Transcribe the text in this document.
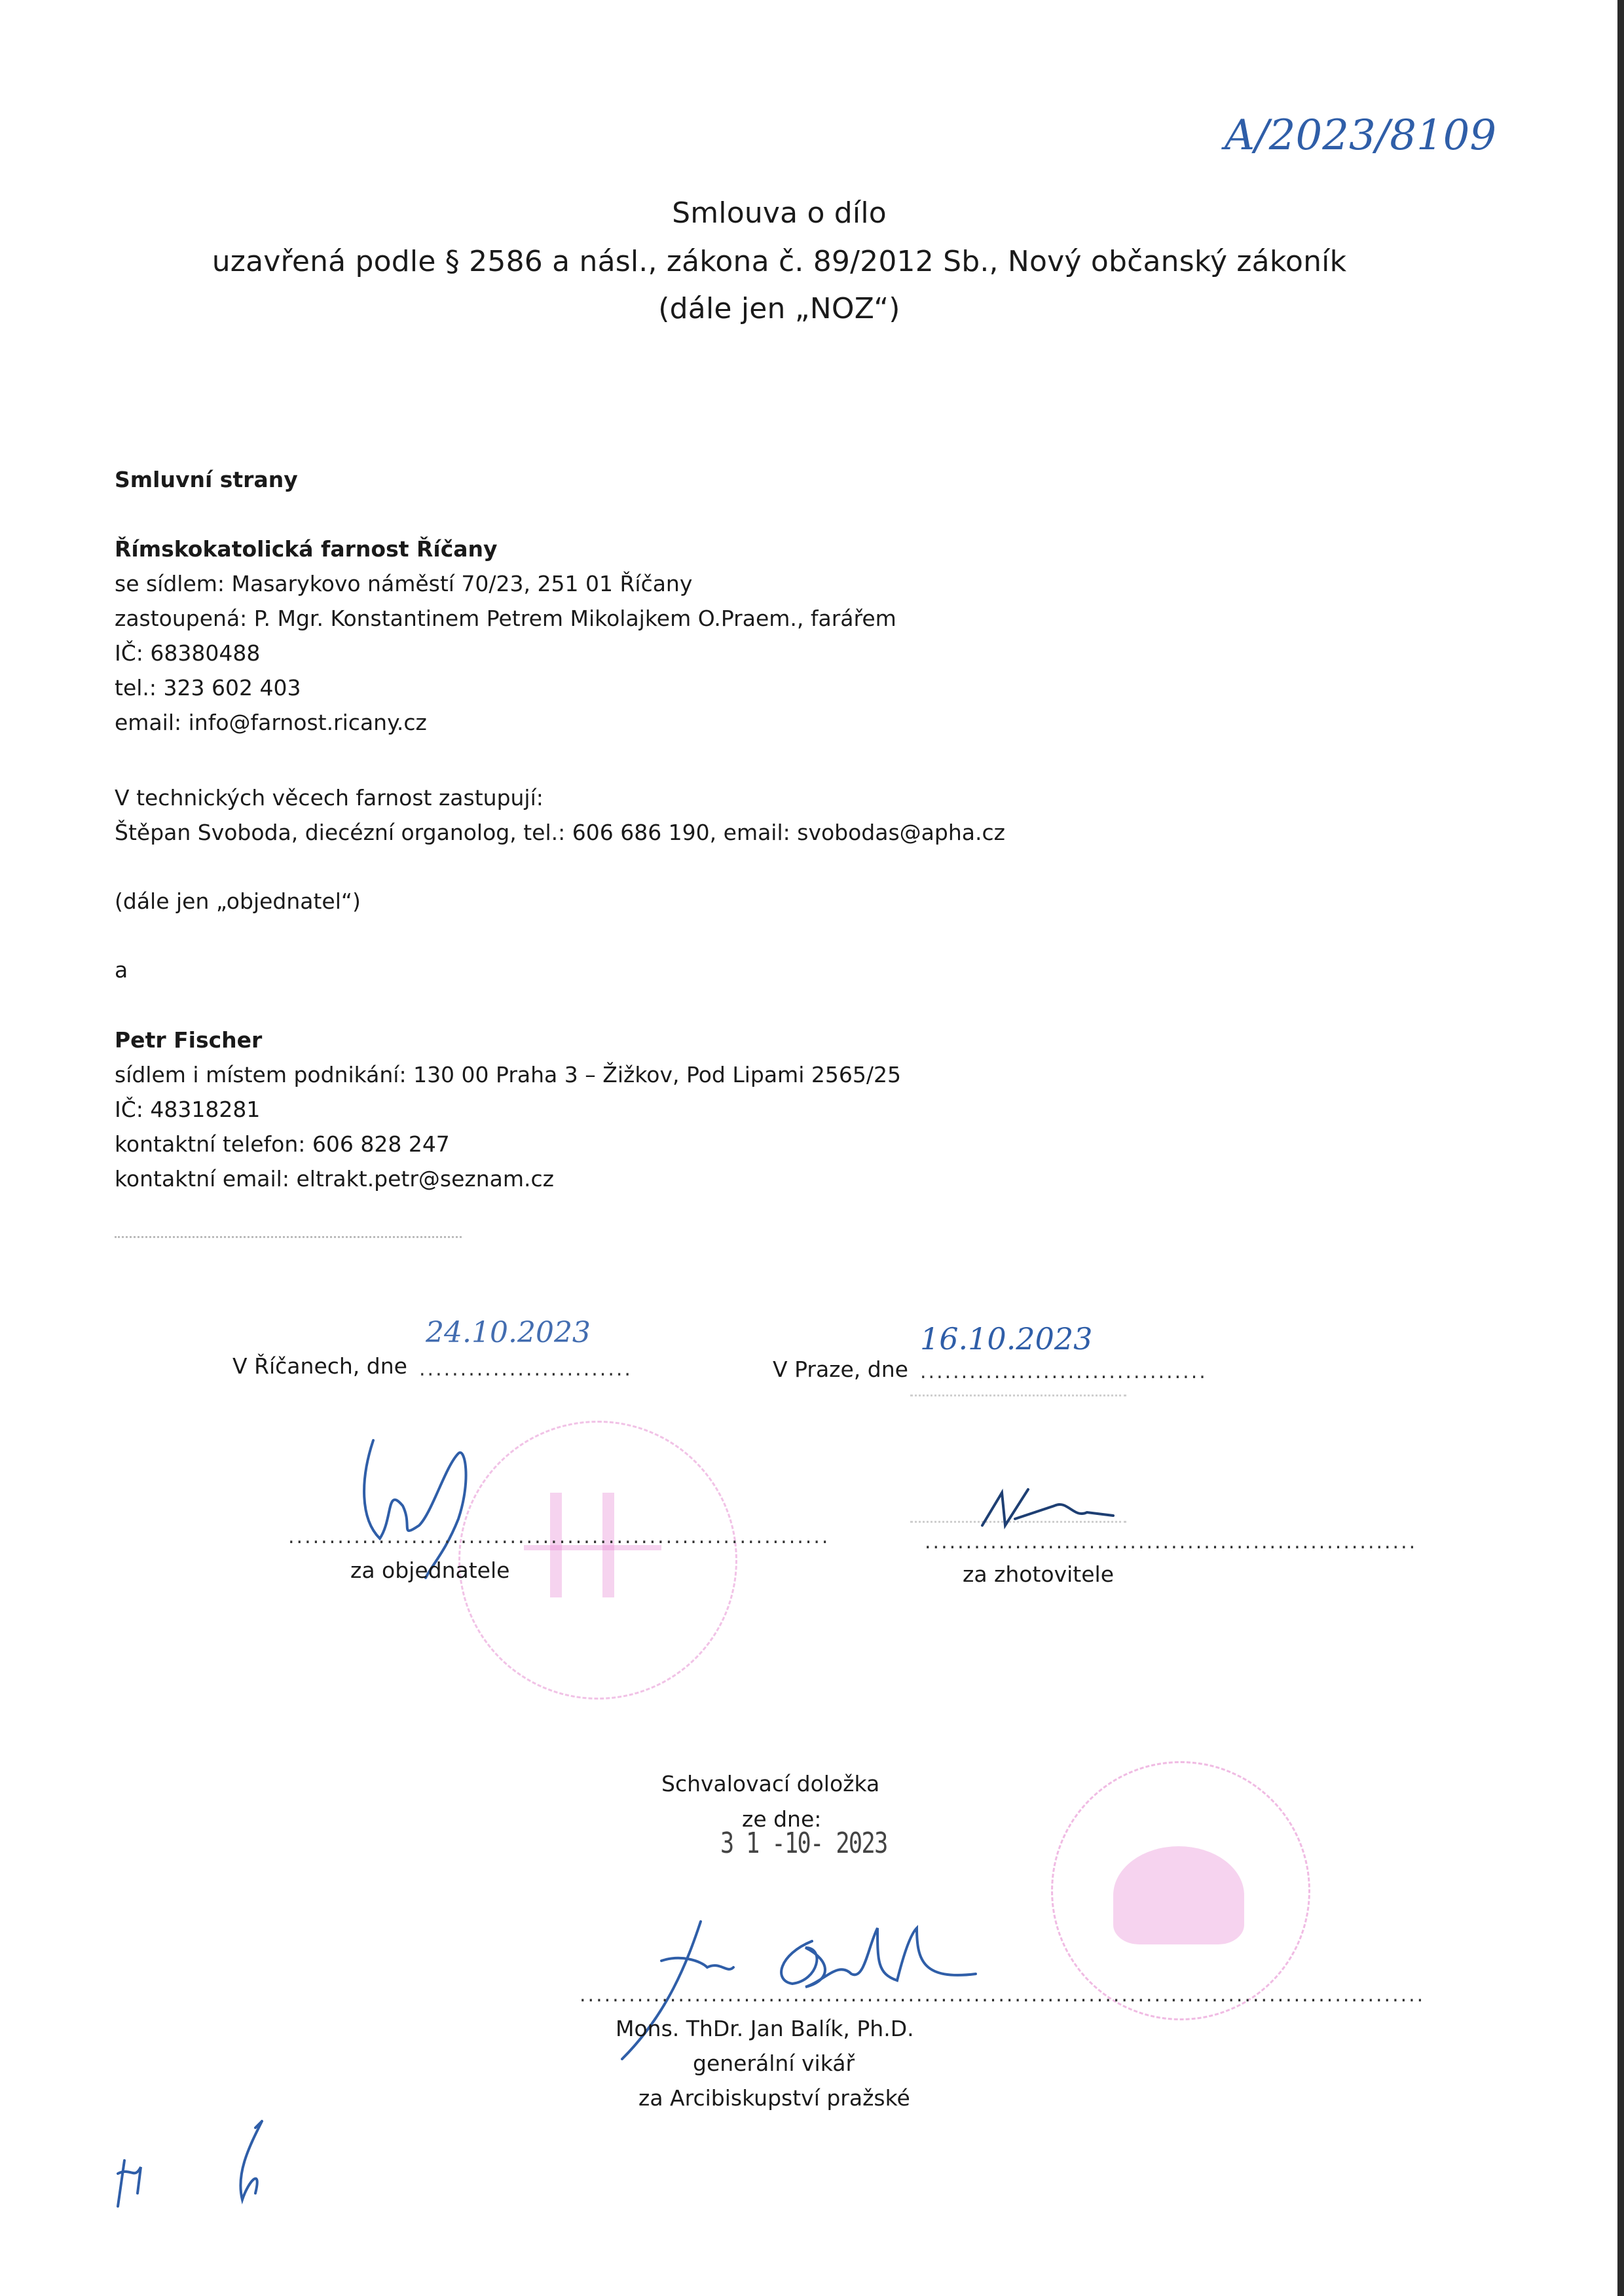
A/2023/8109
Smlouva o dílo
uzavřená podle § 2586 a násl., zákona č. 89/2012 Sb., Nový občanský zákoník
(dále jen „NOZ“)
Smluvní strany
Římskokatolická farnost Říčany
se sídlem: Masarykovo náměstí 70/23, 251 01 Říčany
zastoupená: P. Mgr. Konstantinem Petrem Mikolajkem O.Praem., farářem
IČ: 68380488
tel.: 323 602 403
email: info@farnost.ricany.cz
V technických věcech farnost zastupují:
Štěpan Svoboda, diecézní organolog, tel.: 606 686 190, email: svobodas@apha.cz
(dále jen „objednatel“)
a
Petr Fischer
sídlem i místem podnikání: 130 00 Praha 3 – Žižkov, Pod Lipami 2565/25
IČ: 48318281
kontaktní telefon: 606 828 247
kontaktní email: eltrakt.petr@seznam.cz
V Říčanech, dne ..........................
24.10.2023
V Praze, dne ...................................
16.10.2023
..................................................................	............................................................
za objednatele	za zhotovitele
Schvalovací doložka
ze dne:
3 1 -10- 2023
.......................................................................................................
Mons. ThDr. Jan Balík, Ph.D.
generální vikář
za Arcibiskupství pražské
